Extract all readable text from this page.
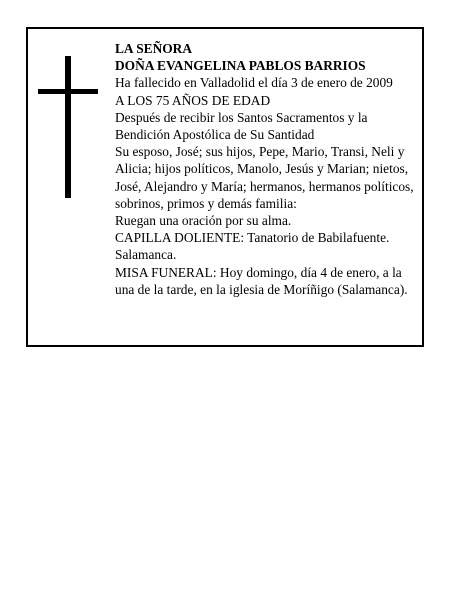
LA SEÑORA

DOÑA EVANGELINA PABLOS BARRIOS

Ha fallecido en Valladolid el día 3 de enero de 2009

A LOS 75 AÑOS DE EDAD

Después de recibir los Santos Sacramentos y la Bendición Apostólica de Su Santidad

Su esposo, José; sus hijos, Pepe, Mario, Transi, Neli y Alicia; hijos políticos, Manolo, Jesús y Marian; nietos, José, Alejandro y María; hermanos, hermanos políticos, sobrinos, primos y demás familia:

Ruegan una oración por su alma.

CAPILLA DOLIENTE: Tanatorio de Babilafuente. Salamanca.

MISA FUNERAL: Hoy domingo, día 4 de enero, a la una de la tarde, en la iglesia de Moríñigo (Salamanca).
